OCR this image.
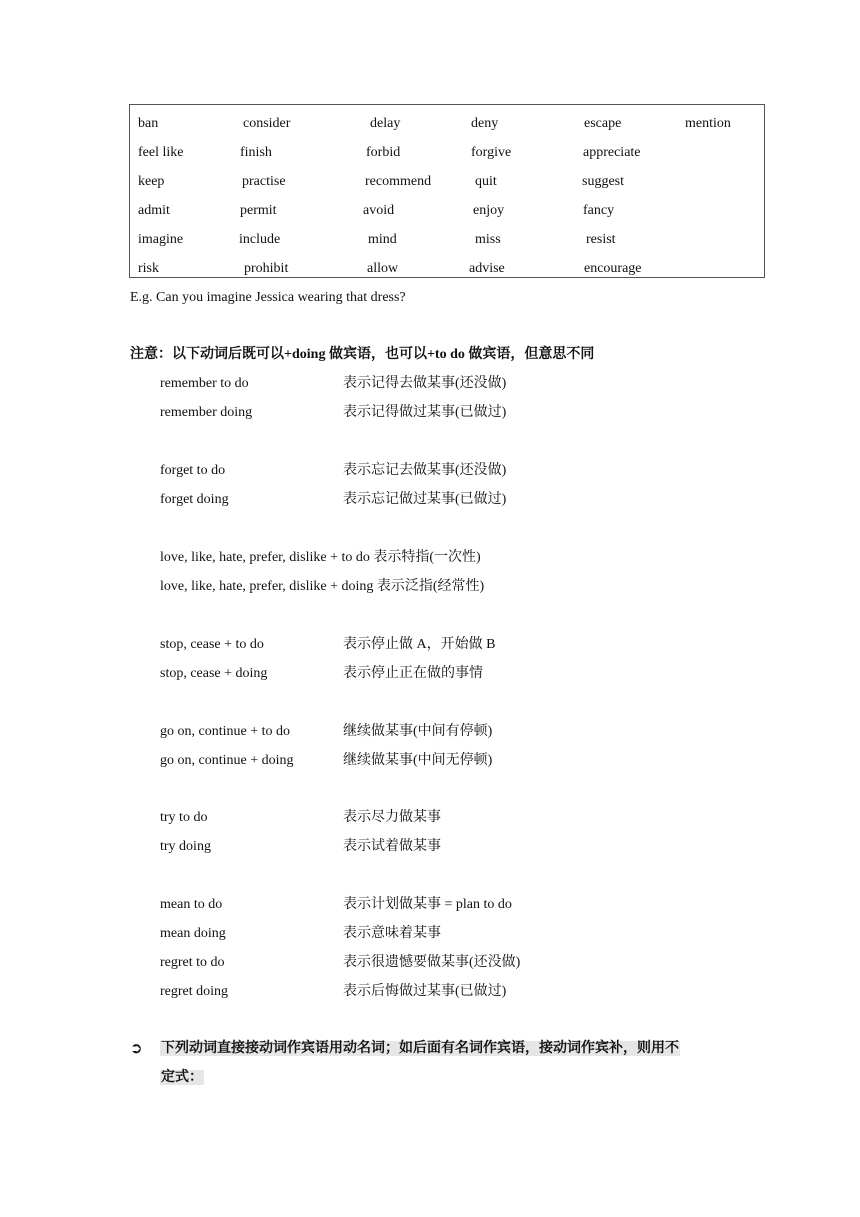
ban	consider	delay	deny	escape	mention
feel like	finish	forbid	forgive	appreciate
keep	practise	recommend	quit	suggest
admit	permit	avoid	enjoy	fancy
imagine	include	mind	miss	resist
risk	prohibit	allow	advise	encourage
E.g. Can you imagine Jessica wearing that dress?
注意：以下动词后既可以+doing 做宾语，也可以+to do 做宾语，但意思不同
remember to do	表示记得去做某事(还没做)
remember doing	表示记得做过某事(已做过)
forget to do	表示忘记去做某事(还没做)
forget doing	表示忘记做过某事(已做过)
love, like, hate, prefer, dislike + to do 表示特指(一次性)
love, like, hate, prefer, dislike + doing 表示泛指(经常性)
stop, cease + to do	表示停止做 A，开始做 B
stop, cease + doing	表示停止正在做的事情
go on, continue + to do	继续做某事(中间有停顿)
go on, continue + doing	继续做某事(中间无停顿)
try to do	表示尽力做某事
try doing	表示试着做某事
mean to do	表示计划做某事 = plan to do
mean doing	表示意味着某事
regret to do	表示很遗憾要做某事(还没做)
regret doing	表示后悔做过某事(已做过)
➲ 下列动词直接接动词作宾语用动名词；如后面有名词作宾语，接动词作宾补，则用不
定式：
